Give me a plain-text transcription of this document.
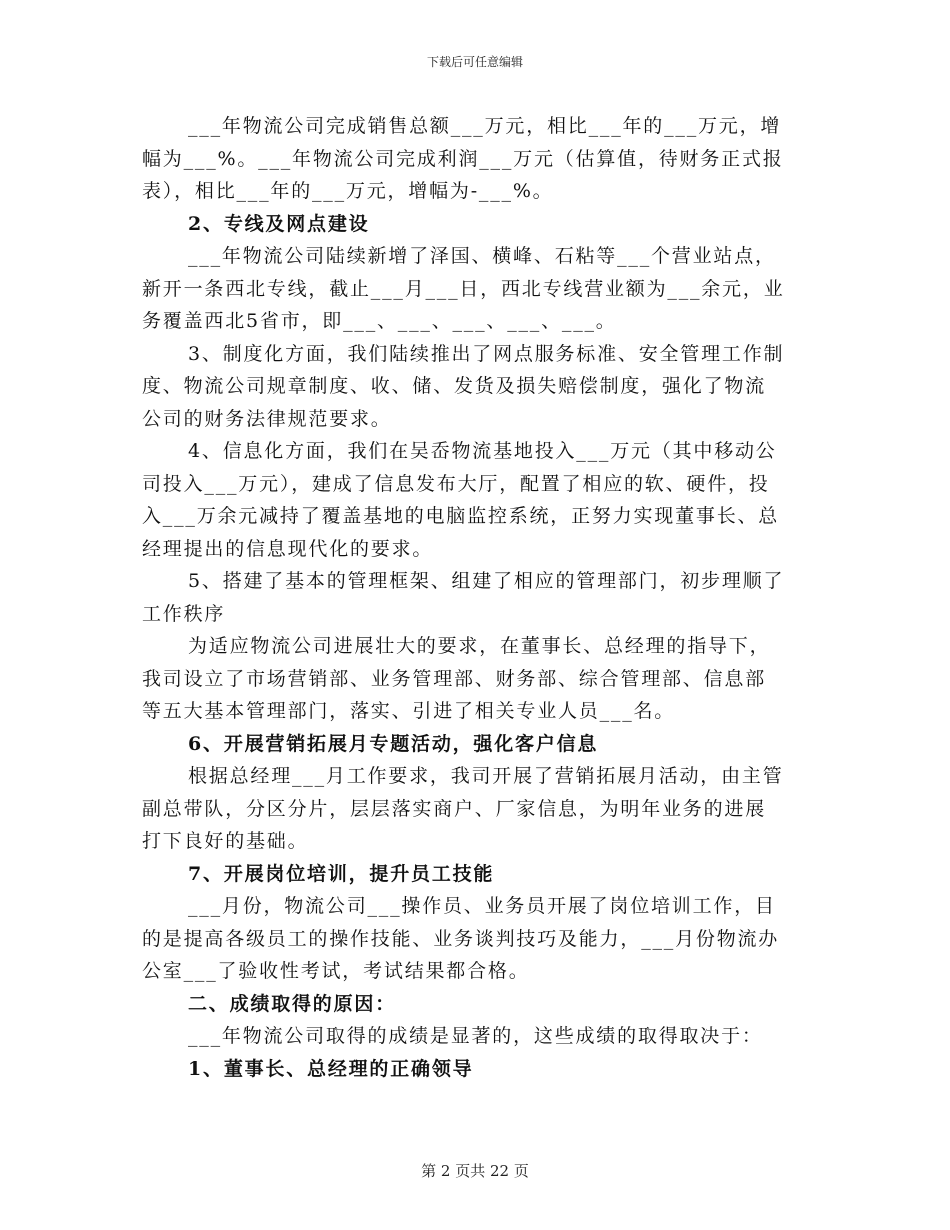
下载后可任意编辑

___年物流公司完成销售总额___万元，相比___年的___万元，增

幅为___%。___年物流公司完成利润___万元（估算值，待财务正式报

表），相比___年的___万元，增幅为-___%。

2、专线及网点建设

___年物流公司陆续新增了泽国、横峰、石粘等___个营业站点，

新开一条西北专线，截止___月___日，西北专线营业额为___余元，业

务覆盖西北5省市，即___、___、___、___、___。

3、制度化方面，我们陆续推出了网点服务标准、安全管理工作制

度、物流公司规章制度、收、储、发货及损失赔偿制度，强化了物流

公司的财务法律规范要求。

4、信息化方面，我们在吴岙物流基地投入___万元（其中移动公

司投入___万元），建成了信息发布大厅，配置了相应的软、硬件，投

入___万余元减持了覆盖基地的电脑监控系统，正努力实现董事长、总

经理提出的信息现代化的要求。

5、搭建了基本的管理框架、组建了相应的管理部门，初步理顺了

工作秩序

为适应物流公司进展壮大的要求，在董事长、总经理的指导下，

我司设立了市场营销部、业务管理部、财务部、综合管理部、信息部

等五大基本管理部门，落实、引进了相关专业人员___名。

6、开展营销拓展月专题活动，强化客户信息

根据总经理___月工作要求，我司开展了营销拓展月活动，由主管

副总带队，分区分片，层层落实商户、厂家信息，为明年业务的进展

打下良好的基础。

7、开展岗位培训，提升员工技能

___月份，物流公司___操作员、业务员开展了岗位培训工作，目

的是提高各级员工的操作技能、业务谈判技巧及能力，___月份物流办

公室___了验收性考试，考试结果都合格。

二、成绩取得的原因：

___年物流公司取得的成绩是显著的，这些成绩的取得取决于：

1、董事长、总经理的正确领导

第 2 页共 22 页
